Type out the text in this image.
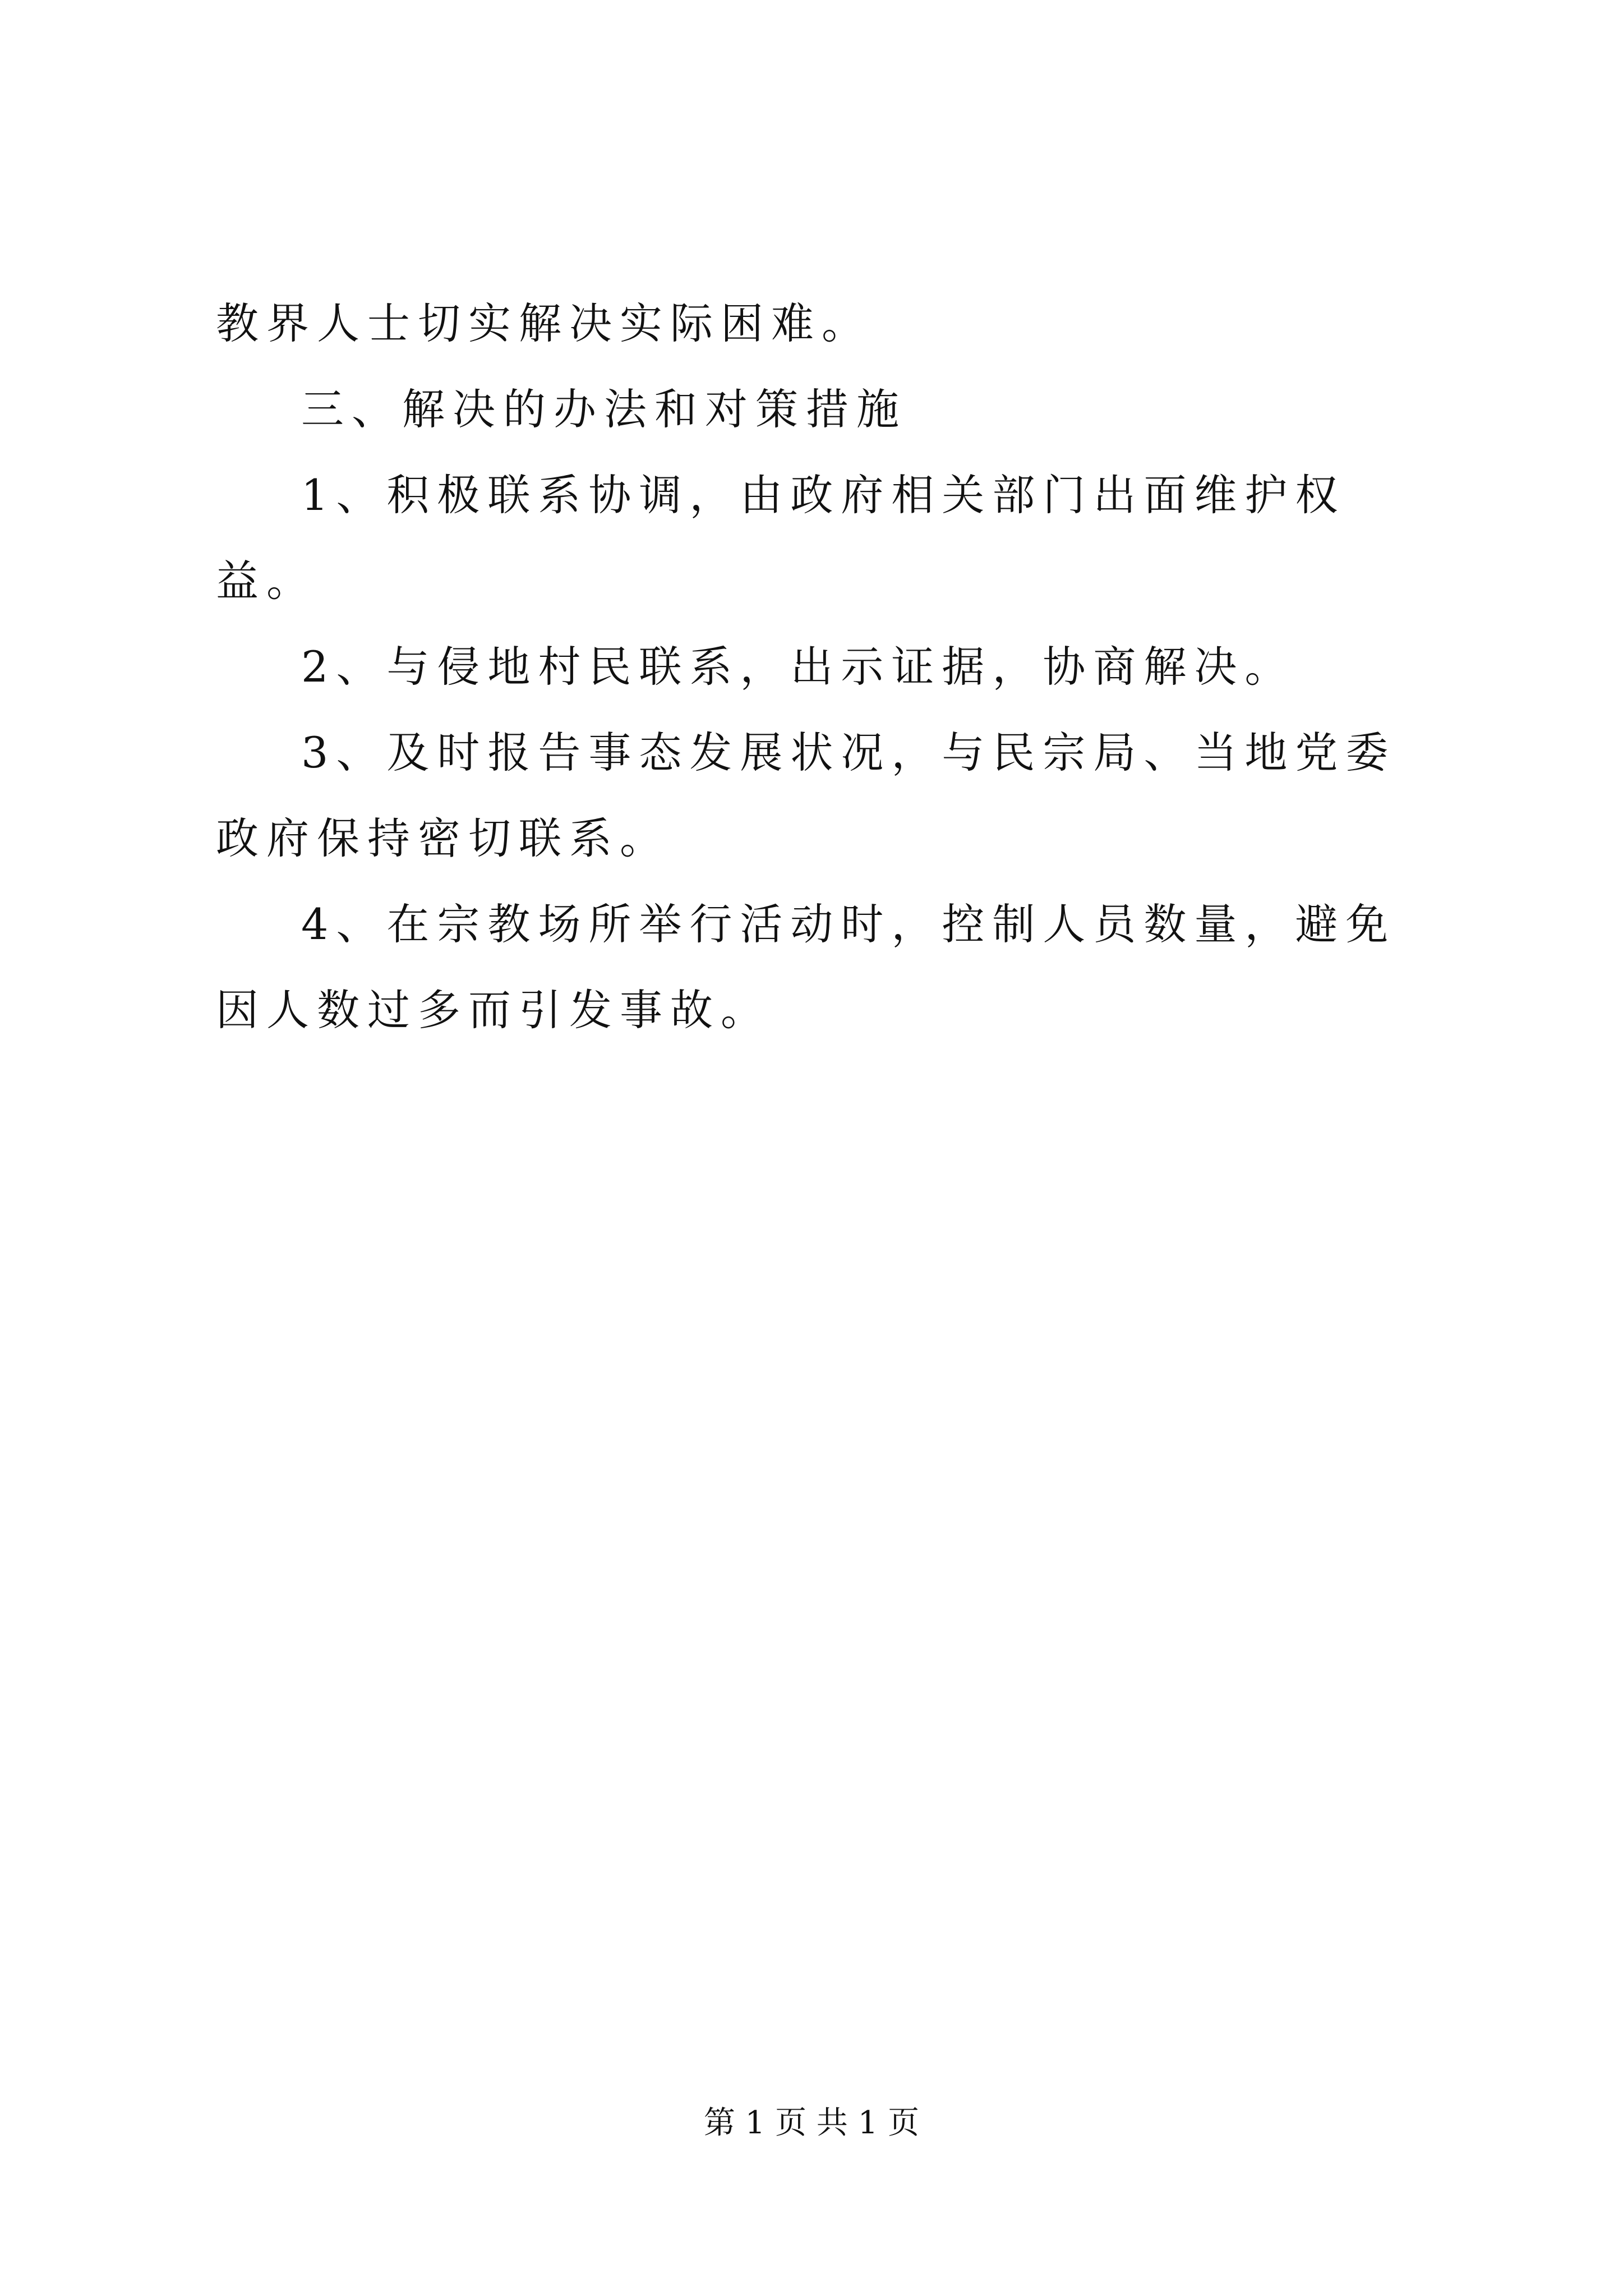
教界人士切实解决实际困难。

三、解决的办法和对策措施

1、积极联系协调，由政府相关部门出面维护权益。

2、与侵地村民联系，出示证据，协商解决。

3、及时报告事态发展状况，与民宗局、当地党委政府保持密切联系。

4、在宗教场所举行活动时，控制人员数量，避免因人数过多而引发事故。

第 1 页 共 1 页
